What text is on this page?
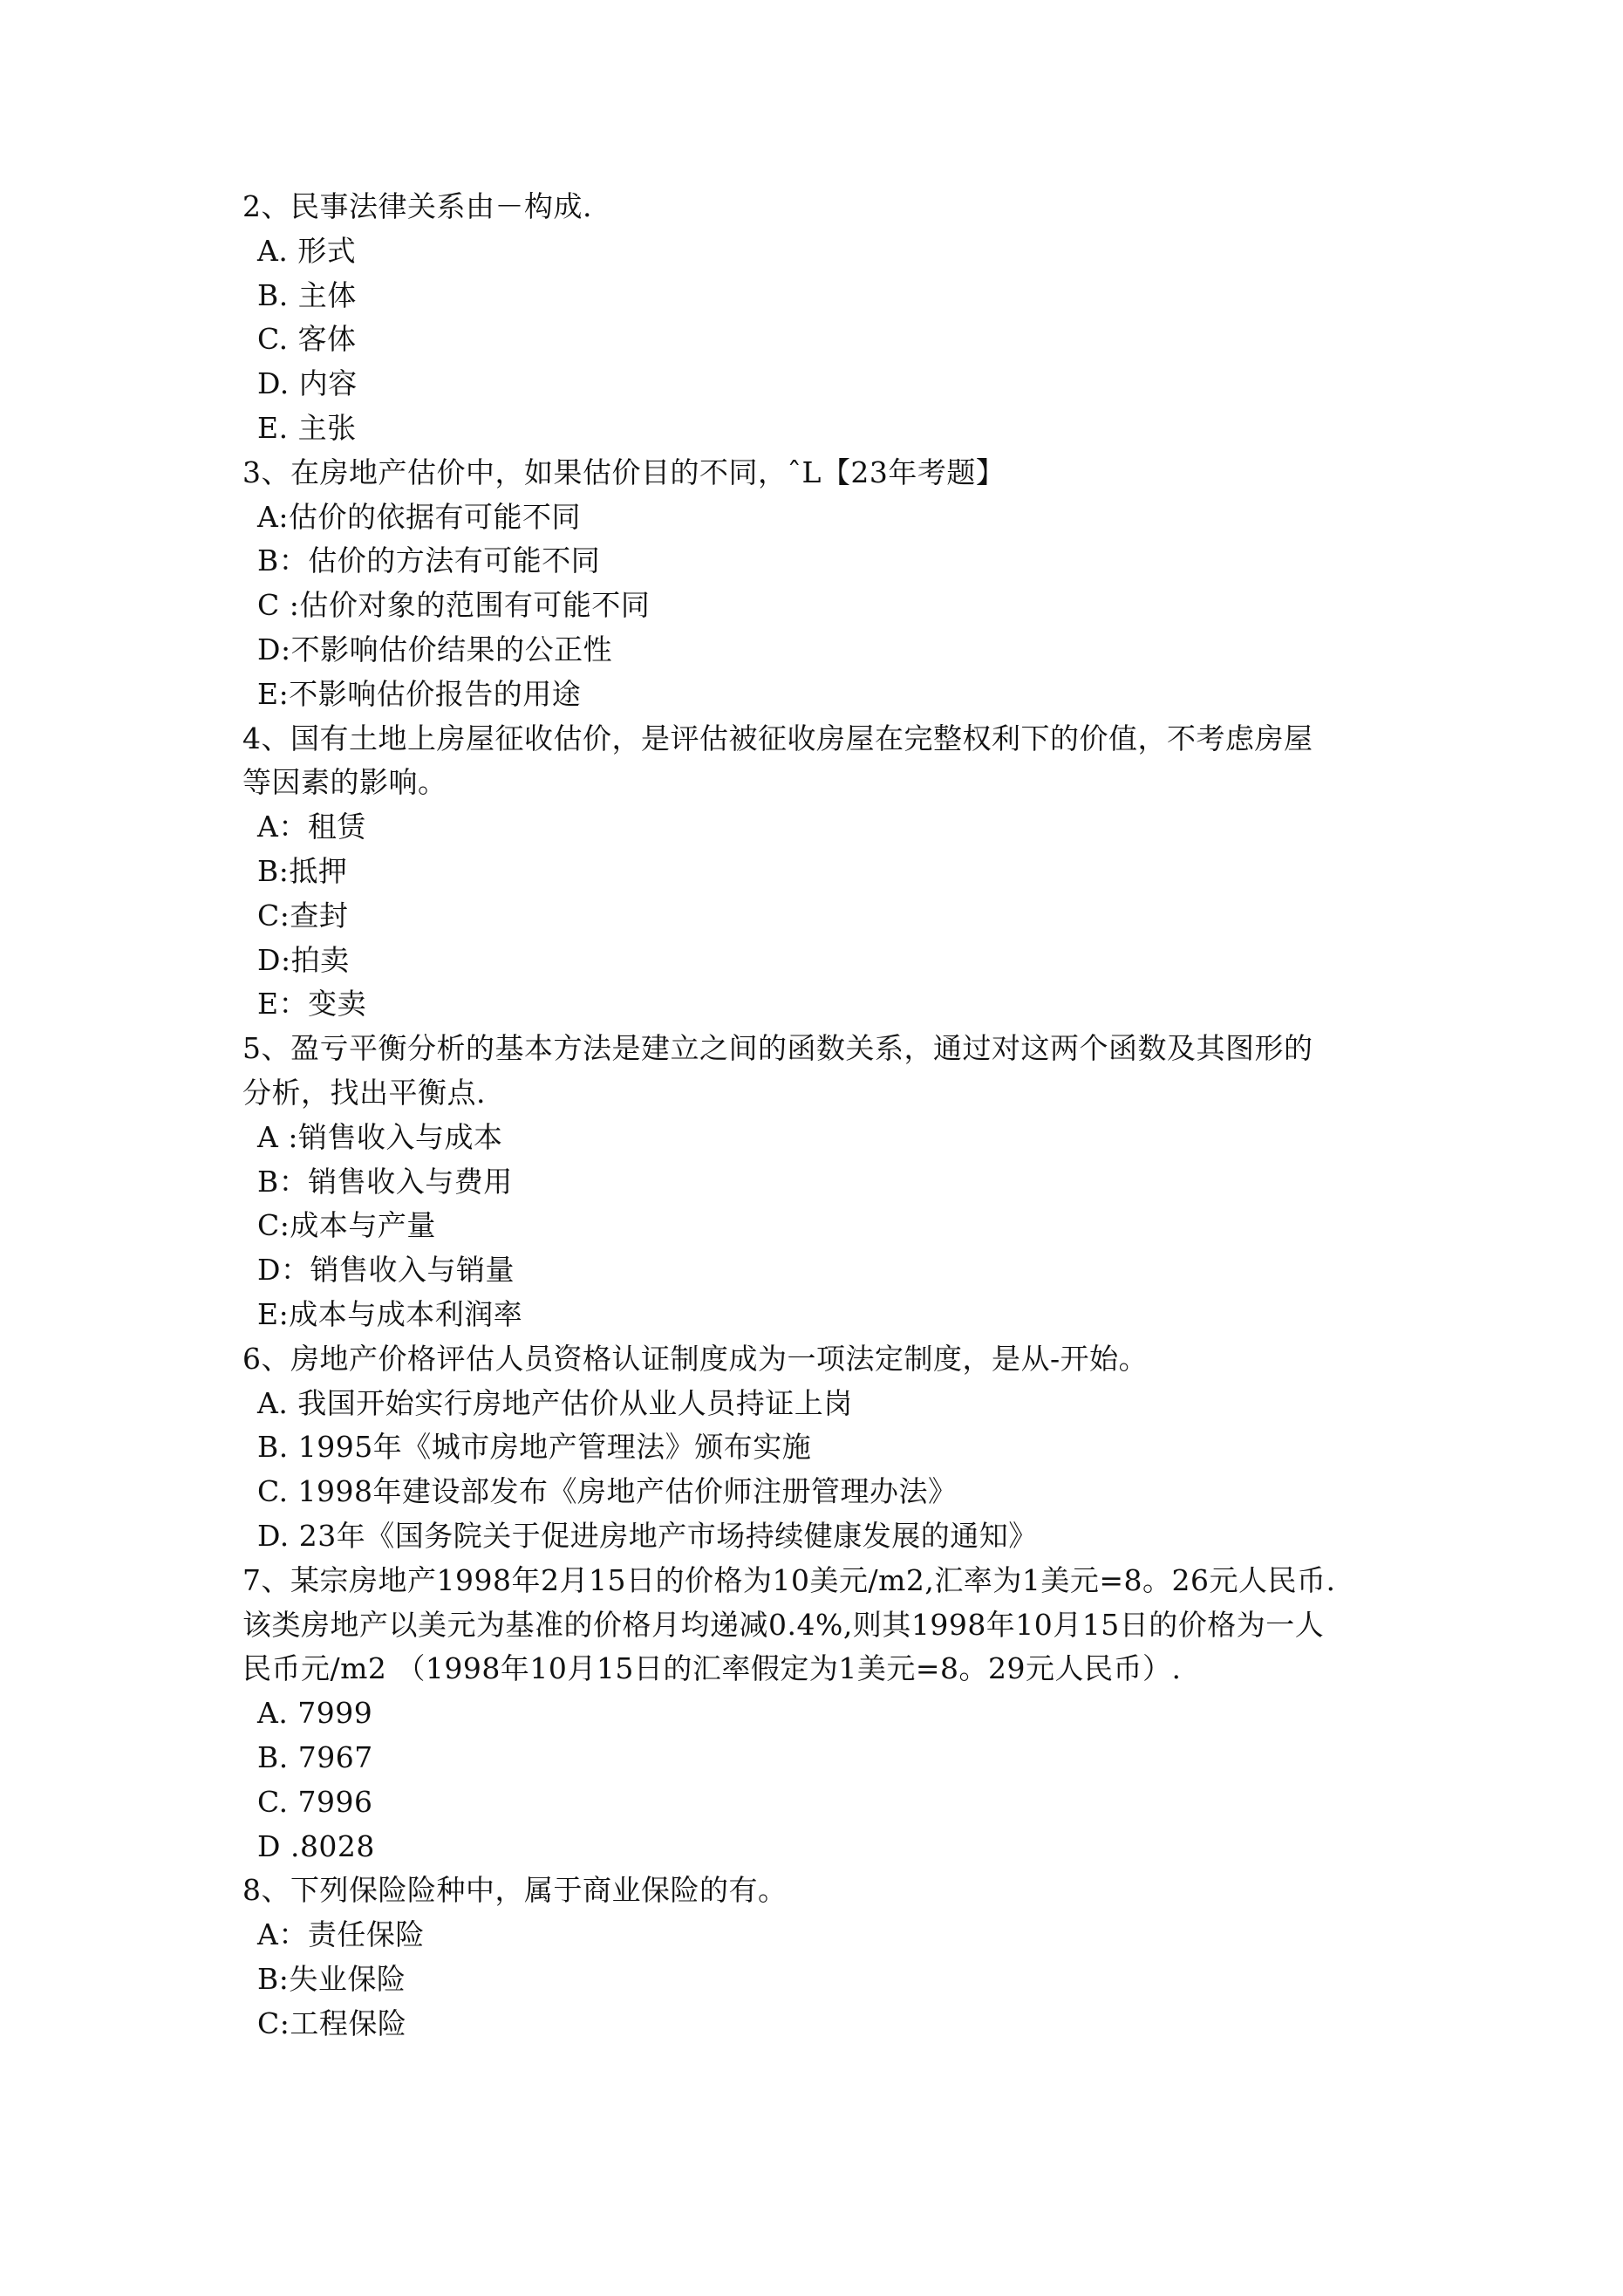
2、民事法律关系由－构成.
A. 形式
B. 主体
C. 客体
D. 内容
E. 主张
3、在房地产估价中，如果估价目的不同，ˆL【23年考题】
A:估价的依据有可能不同
B：估价的方法有可能不同
C :估价对象的范围有可能不同
D:不影响估价结果的公正性
E:不影响估价报告的用途
4、国有土地上房屋征收估价，是评估被征收房屋在完整权利下的价值，不考虑房屋
等因素的影响。
A：租赁
B:抵押
C:查封
D:拍卖
E：变卖
5、盈亏平衡分析的基本方法是建立之间的函数关系，通过对这两个函数及其图形的
分析，找出平衡点.
A :销售收入与成本
B：销售收入与费用
C:成本与产量
D：销售收入与销量
E:成本与成本利润率
6、房地产价格评估人员资格认证制度成为一项法定制度，是从-开始。
A. 我国开始实行房地产估价从业人员持证上岗
B. 1995年《城市房地产管理法》颁布实施
C. 1998年建设部发布《房地产估价师注册管理办法》
D. 23年《国务院关于促进房地产市场持续健康发展的通知》
7、某宗房地产1998年2月15日的价格为10美元/m2,汇率为1美元=8。26元人民币.
该类房地产以美元为基准的价格月均递减0.4%,则其1998年10月15日的价格为一人
民币元/m2 （1998年10月15日的汇率假定为1美元=8。29元人民币）.
A. 7999
B. 7967
C. 7996
D .8028
8、下列保险险种中，属于商业保险的有。
A：责任保险
B:失业保险
C:工程保险
